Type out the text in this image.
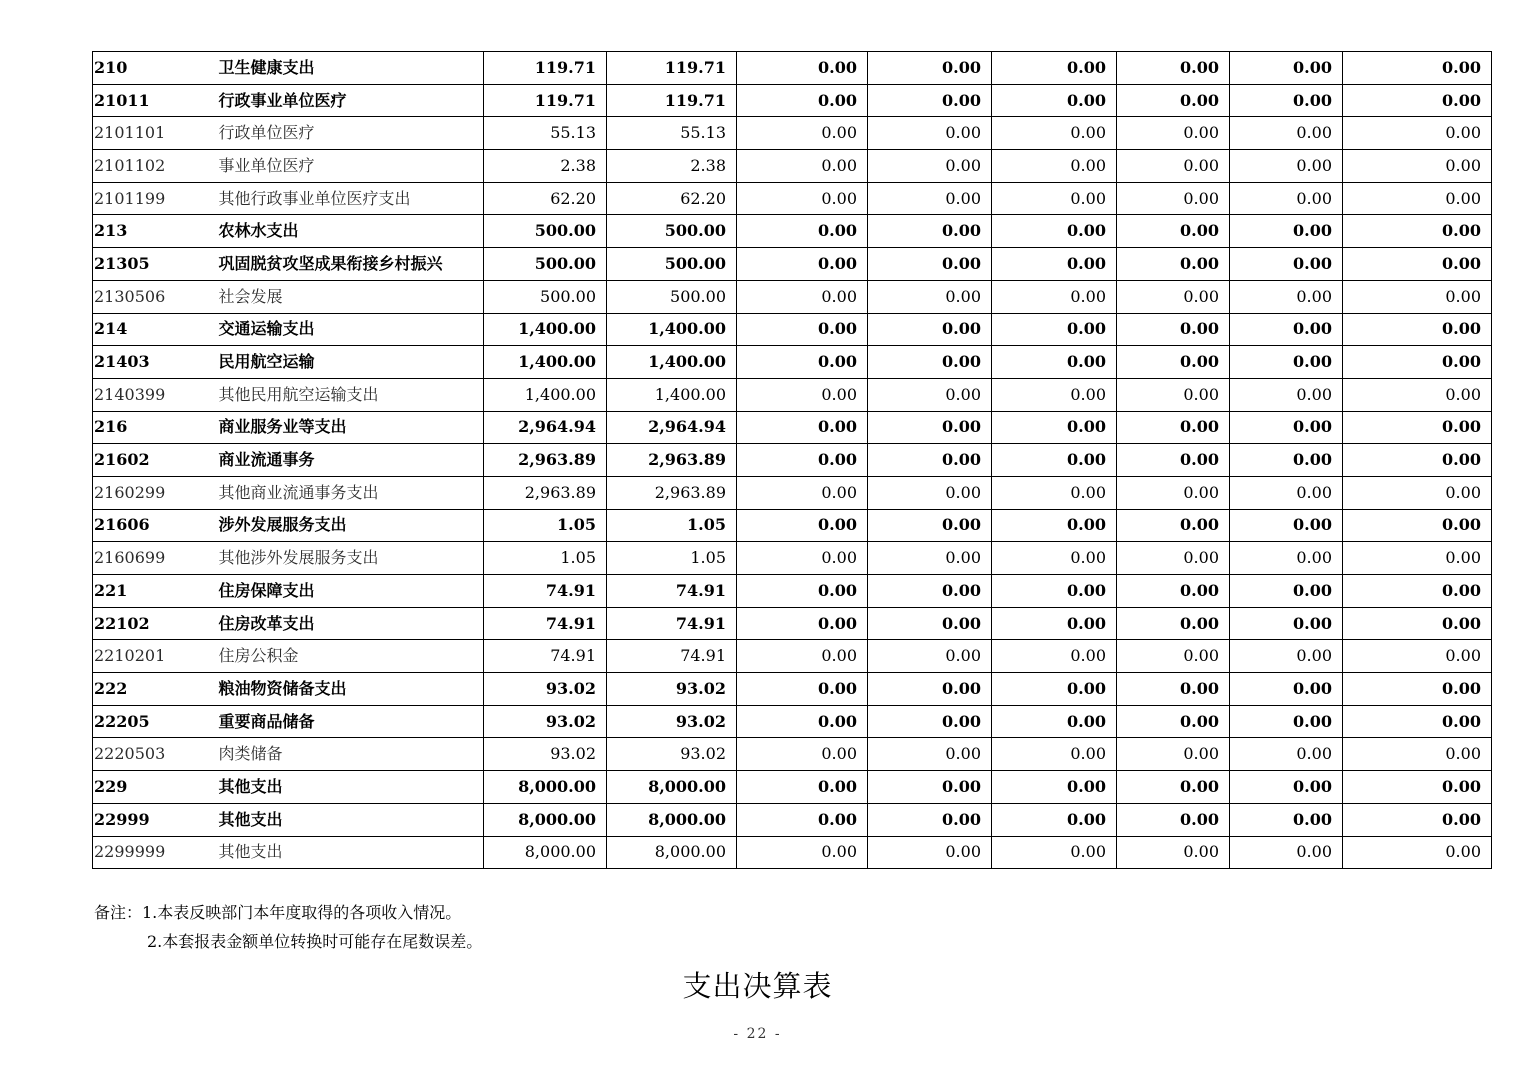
210	卫生健康支出	119.71	119.71	0.00	0.00	0.00	0.00	0.00	0.00
21011	行政事业单位医疗	119.71	119.71	0.00	0.00	0.00	0.00	0.00	0.00
2101101	行政单位医疗	55.13	55.13	0.00	0.00	0.00	0.00	0.00	0.00
2101102	事业单位医疗	2.38	2.38	0.00	0.00	0.00	0.00	0.00	0.00
2101199	其他行政事业单位医疗支出	62.20	62.20	0.00	0.00	0.00	0.00	0.00	0.00
213	农林水支出	500.00	500.00	0.00	0.00	0.00	0.00	0.00	0.00
21305	巩固脱贫攻坚成果衔接乡村振兴	500.00	500.00	0.00	0.00	0.00	0.00	0.00	0.00
2130506	社会发展	500.00	500.00	0.00	0.00	0.00	0.00	0.00	0.00
214	交通运输支出	1,400.00	1,400.00	0.00	0.00	0.00	0.00	0.00	0.00
21403	民用航空运输	1,400.00	1,400.00	0.00	0.00	0.00	0.00	0.00	0.00
2140399	其他民用航空运输支出	1,400.00	1,400.00	0.00	0.00	0.00	0.00	0.00	0.00
216	商业服务业等支出	2,964.94	2,964.94	0.00	0.00	0.00	0.00	0.00	0.00
21602	商业流通事务	2,963.89	2,963.89	0.00	0.00	0.00	0.00	0.00	0.00
2160299	其他商业流通事务支出	2,963.89	2,963.89	0.00	0.00	0.00	0.00	0.00	0.00
21606	涉外发展服务支出	1.05	1.05	0.00	0.00	0.00	0.00	0.00	0.00
2160699	其他涉外发展服务支出	1.05	1.05	0.00	0.00	0.00	0.00	0.00	0.00
221	住房保障支出	74.91	74.91	0.00	0.00	0.00	0.00	0.00	0.00
22102	住房改革支出	74.91	74.91	0.00	0.00	0.00	0.00	0.00	0.00
2210201	住房公积金	74.91	74.91	0.00	0.00	0.00	0.00	0.00	0.00
222	粮油物资储备支出	93.02	93.02	0.00	0.00	0.00	0.00	0.00	0.00
22205	重要商品储备	93.02	93.02	0.00	0.00	0.00	0.00	0.00	0.00
2220503	肉类储备	93.02	93.02	0.00	0.00	0.00	0.00	0.00	0.00
229	其他支出	8,000.00	8,000.00	0.00	0.00	0.00	0.00	0.00	0.00
22999	其他支出	8,000.00	8,000.00	0.00	0.00	0.00	0.00	0.00	0.00
2299999	其他支出	8,000.00	8,000.00	0.00	0.00	0.00	0.00	0.00	0.00
备注：1.本表反映部门本年度取得的各项收入情况。
2.本套报表金额单位转换时可能存在尾数误差。
支出决算表
- 22 -
